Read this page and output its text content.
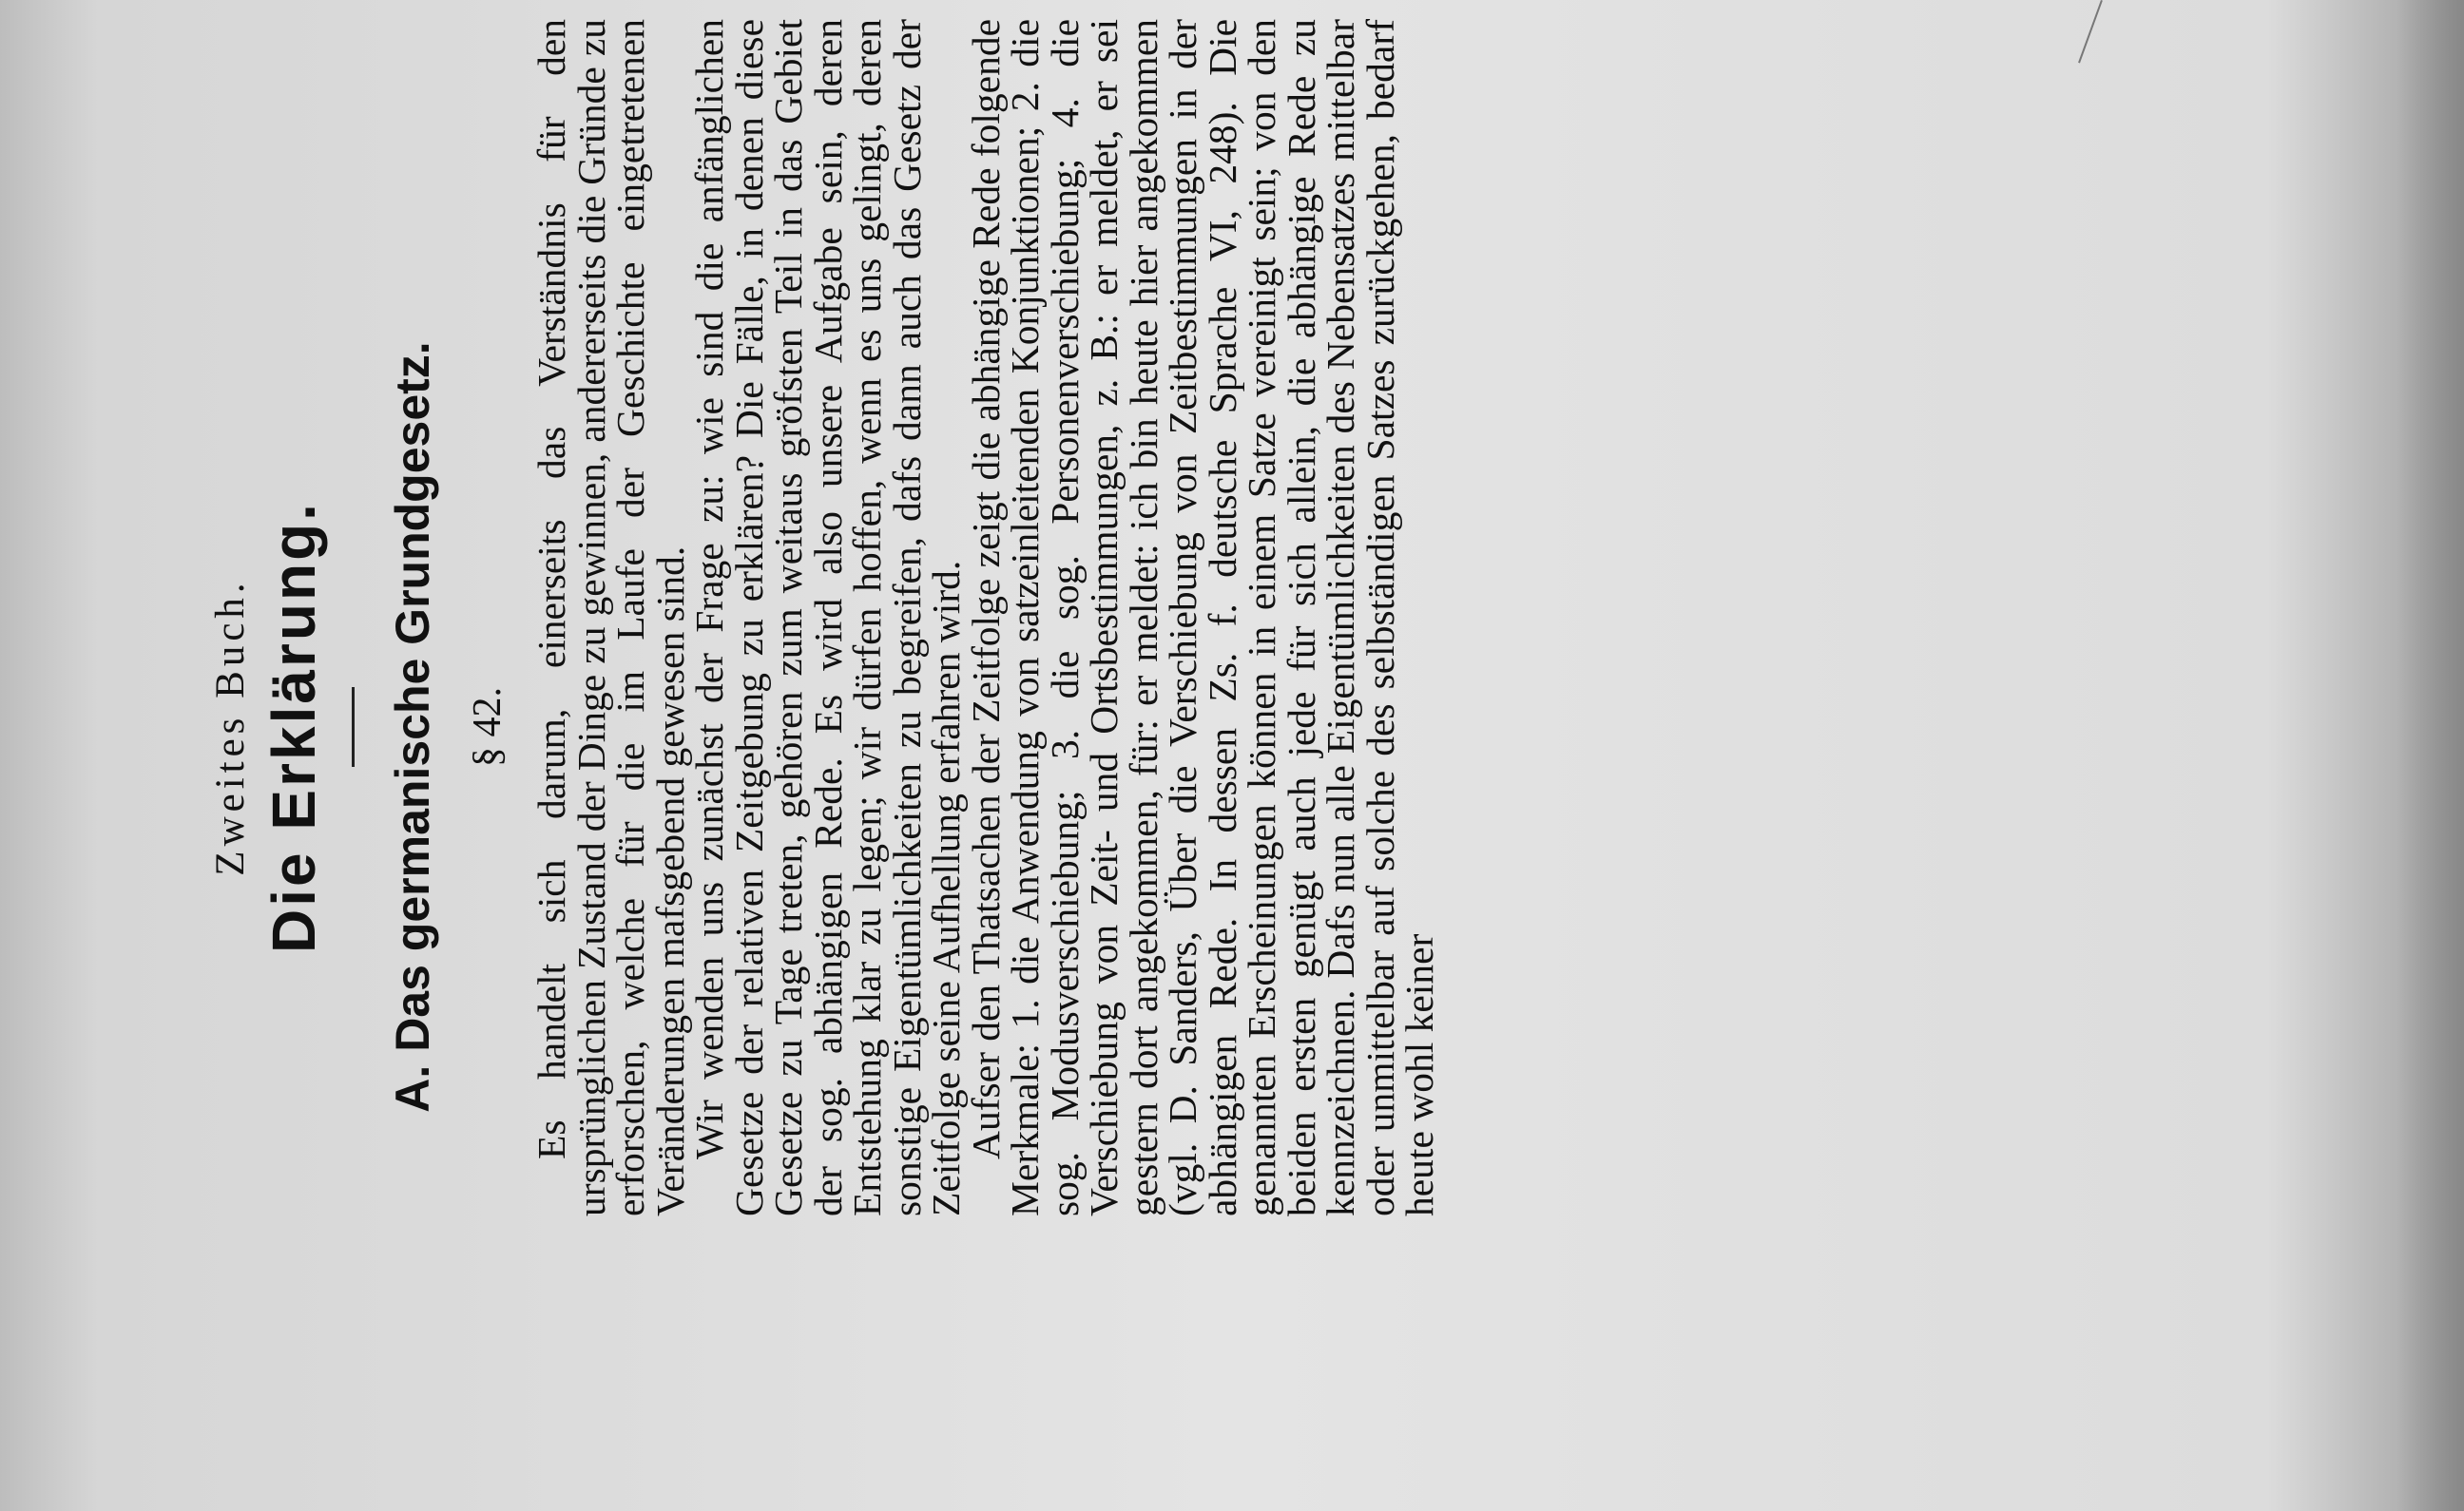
Zweites Buch. Die Erklärung. A. Das germanische Grundgesetz. § 42. Es handelt sich darum, einerseits das Verständnis für den ursprünglichen Zustand der Dinge zu gewinnen, andererseits die Gründe zu erforschen, welche für die im Laufe der Geschichte eingetretenen Veränderungen mafsgebend gewesen sind.

Wir wenden uns zunächst der Frage zu: wie sind die anfänglichen Gesetze der relativen Zeitgebung zu erklären? Die Fälle, in denen diese Gesetze zu Tage treten, gehören zum weitaus gröfsten Teil in das Gebiet der sog. abhängigen Rede. Es wird also unsere Aufgabe sein, deren Entstehung klar zu legen; wir dürfen hoffen, wenn es uns gelingt, deren sonstige Eigentümlichkeiten zu begreifen, dafs dann auch das Gesetz der Zeitfolge seine Aufhellung erfahren wird.

Aufser den Thatsachen der Zeitfolge zeigt die abhängige Rede folgende Merkmale: 1. die Anwendung von satzeinleitenden Konjunktionen; 2. die sog. Modusverschiebung; 3. die sog. Personenverschiebung; 4. die Verschiebung von Zeit- und Ortsbestimmungen, z. B.: er meldet, er sei gestern dort angekommen, für: er meldet: ich bin heute hier angekommen (vgl. D. Sanders, Über die Verschiebung von Zeitbestimmungen in der abhängigen Rede. In dessen Zs. f. deutsche Sprache VI, 248). Die genannten Erscheinungen können in einem Satze vereinigt sein; von den beiden ersten genügt auch jede für sich allein, die abhängige Rede zu kennzeichnen. Dafs nun alle Eigentümlichkeiten des Nebensatzes mittelbar oder unmittelbar auf solche des selbständigen Satzes zurückgehen, bedarf heute wohl keiner
